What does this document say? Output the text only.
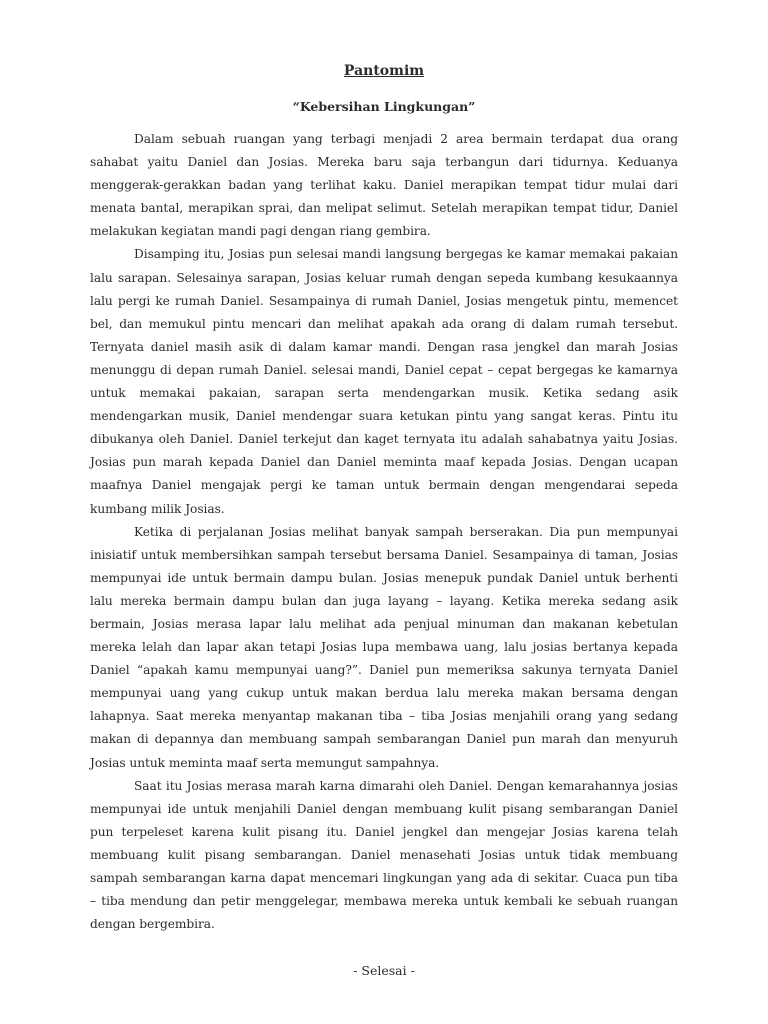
Pantomim
“Kebersihan Lingkungan”

Dalam sebuah ruangan yang terbagi menjadi 2 area bermain terdapat dua orang sahabat yaitu Daniel dan Josias. Mereka baru saja terbangun dari tidurnya. Keduanya menggerak-gerakkan badan yang terlihat kaku. Daniel merapikan tempat tidur mulai dari menata bantal, merapikan sprai, dan melipat selimut. Setelah merapikan tempat tidur, Daniel melakukan kegiatan mandi pagi dengan riang gembira.

Disamping itu, Josias pun selesai mandi langsung bergegas ke kamar memakai pakaian lalu sarapan. Selesainya sarapan, Josias keluar rumah dengan sepeda kumbang kesukaannya lalu pergi ke rumah Daniel. Sesampainya di rumah Daniel, Josias mengetuk pintu, memencet bel, dan memukul pintu mencari dan melihat apakah ada orang di dalam rumah tersebut. Ternyata daniel masih asik di dalam kamar mandi. Dengan rasa jengkel dan marah Josias menunggu di depan rumah Daniel. selesai mandi, Daniel cepat – cepat bergegas ke kamarnya untuk memakai pakaian, sarapan serta mendengarkan musik. Ketika sedang asik mendengarkan musik, Daniel mendengar suara ketukan pintu yang sangat keras. Pintu itu dibukanya oleh Daniel. Daniel terkejut dan kaget ternyata itu adalah sahabatnya yaitu Josias. Josias pun marah kepada Daniel dan Daniel meminta maaf kepada Josias. Dengan ucapan maafnya Daniel mengajak pergi ke taman untuk bermain dengan mengendarai sepeda kumbang milik Josias.

Ketika di perjalanan Josias melihat banyak sampah berserakan. Dia pun mempunyai inisiatif untuk membersihkan sampah tersebut bersama Daniel. Sesampainya di taman, Josias mempunyai ide untuk bermain dampu bulan. Josias menepuk pundak Daniel untuk berhenti lalu mereka bermain dampu bulan dan juga layang – layang. Ketika mereka sedang asik bermain, Josias merasa lapar lalu melihat ada penjual minuman dan makanan kebetulan mereka lelah dan lapar akan tetapi Josias lupa membawa uang, lalu josias bertanya kepada Daniel “apakah kamu mempunyai uang?”. Daniel pun memeriksa sakunya ternyata Daniel mempunyai uang yang cukup untuk makan berdua lalu mereka makan bersama dengan lahapnya. Saat mereka menyantap makanan tiba – tiba Josias menjahili orang yang sedang makan di depannya dan membuang sampah sembarangan Daniel pun marah dan menyuruh Josias untuk meminta maaf serta memungut sampahnya.

Saat itu Josias merasa marah karna dimarahi oleh Daniel. Dengan kemarahannya josias mempunyai ide untuk menjahili Daniel dengan membuang kulit pisang sembarangan Daniel pun terpeleset karena kulit pisang itu. Daniel jengkel dan mengejar Josias karena telah membuang kulit pisang sembarangan. Daniel menasehati Josias untuk tidak membuang sampah sembarangan karna dapat mencemari lingkungan yang ada di sekitar. Cuaca pun tiba – tiba mendung dan petir menggelegar, membawa mereka untuk kembali ke sebuah ruangan dengan bergembira.

- Selesai -
